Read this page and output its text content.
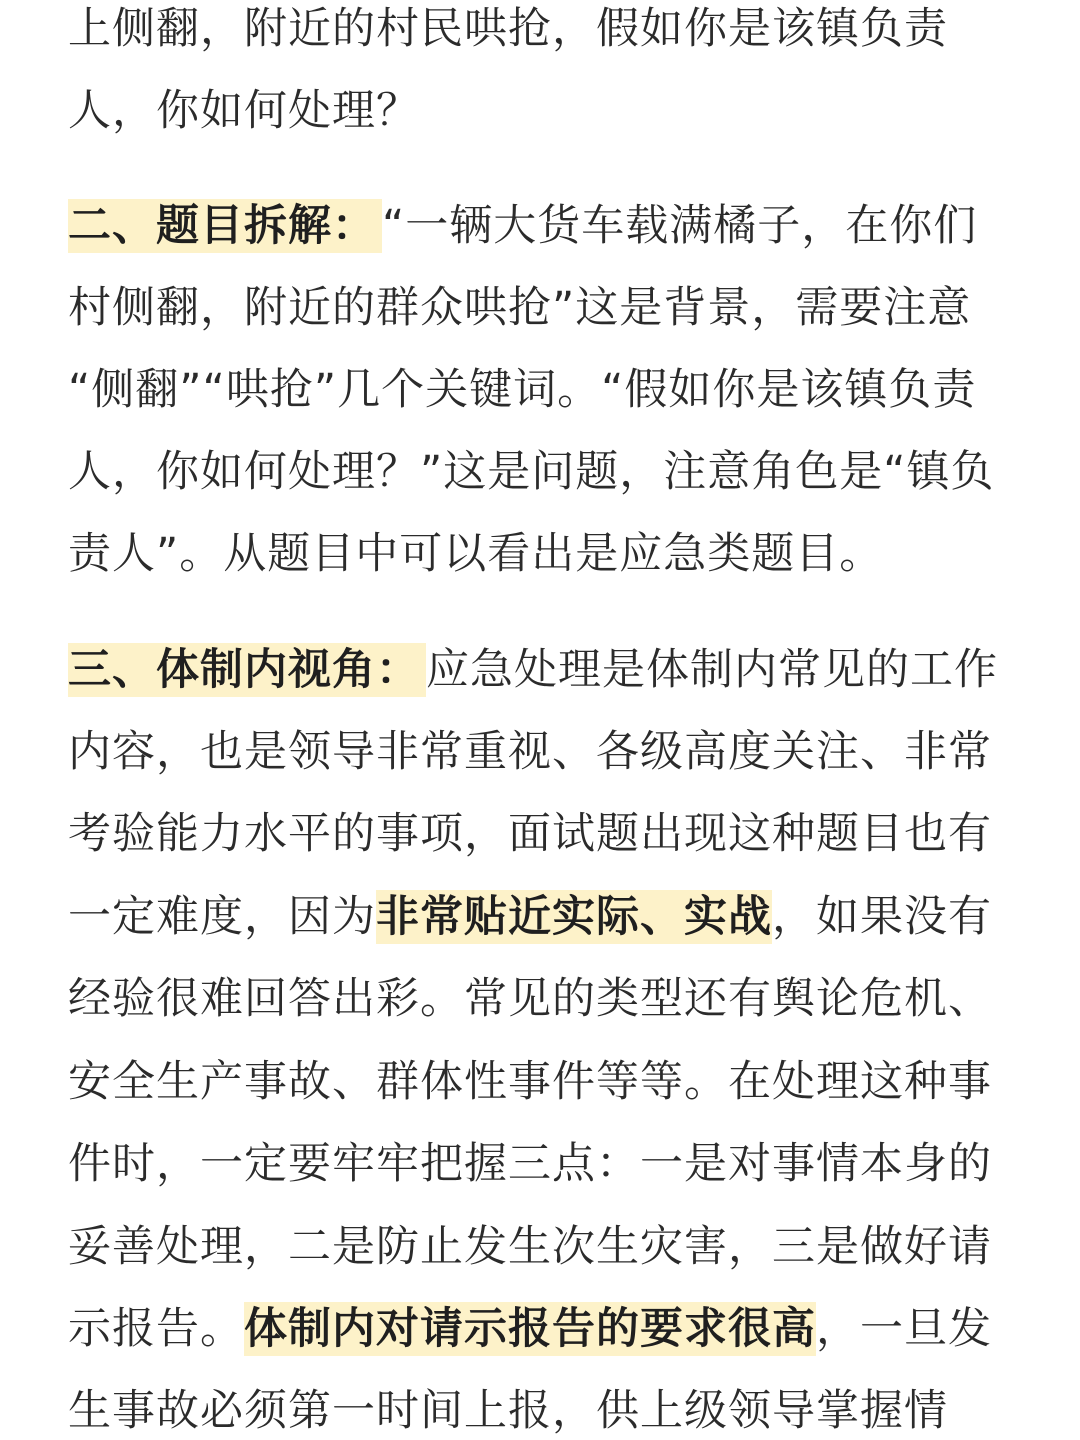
上侧翻，附近的村民哄抢，假如你是该镇负责
人，你如何处理？
二、题目拆解： “一辆大货车载满橘子，在你们
村侧翻，附近的群众哄抢”这是背景，需要注意
“侧翻”“哄抢”几个关键词。“假如你是该镇负责
人，你如何处理？”这是问题，注意角色是“镇负
责人”。从题目中可以看出是应急类题目。
三、体制内视角： 应急处理是体制内常见的工作
内容，也是领导非常重视、各级高度关注、非常
考验能力水平的事项，面试题出现这种题目也有
一定难度，因为非常贴近实际、实战，如果没有
经验很难回答出彩。常见的类型还有舆论危机、
安全生产事故、群体性事件等等。在处理这种事
件时，一定要牢牢把握三点：一是对事情本身的
妥善处理，二是防止发生次生灾害，三是做好请
示报告。体制内对请示报告的要求很高，一旦发
生事故必须第一时间上报，供上级领导掌握情
